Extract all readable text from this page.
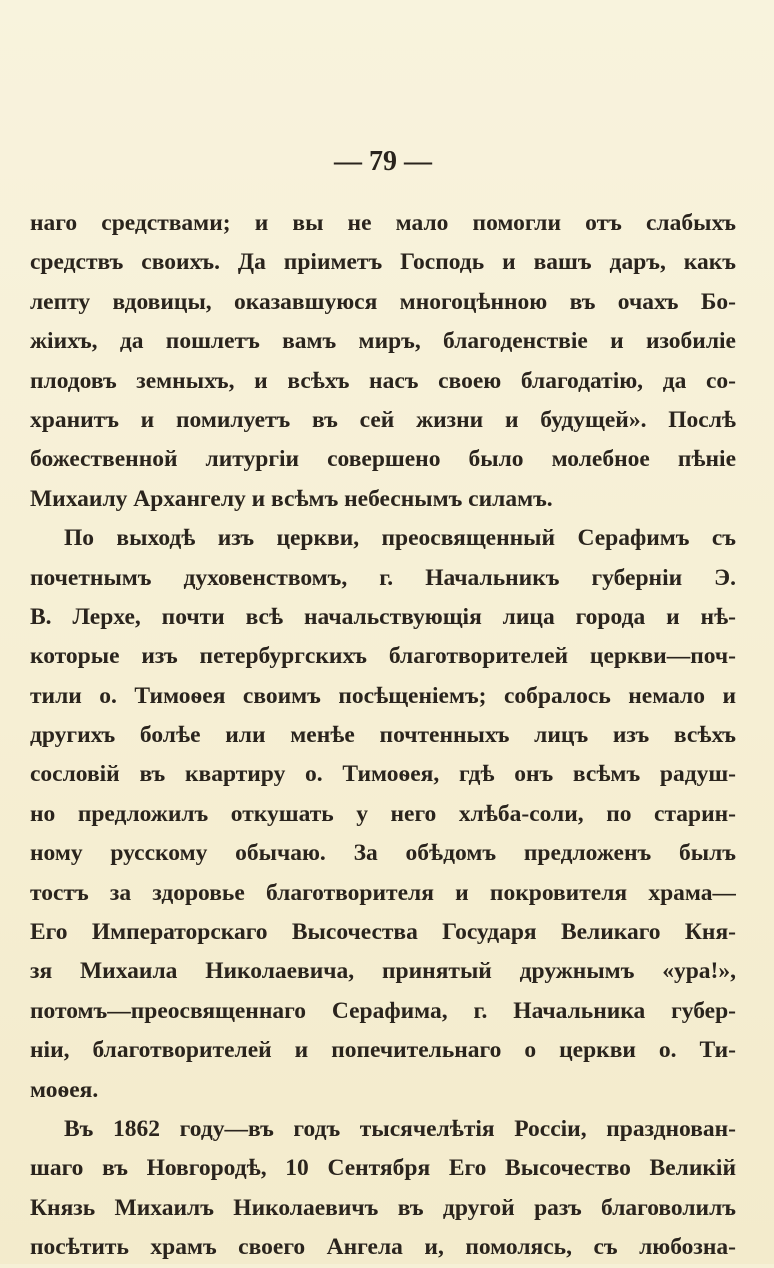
— 79 —
наго средствами; и вы не мало помогли отъ слабыхъ
средствъ своихъ. Да пріиметъ Господь и вашъ даръ, какъ
лепту вдовицы, оказавшуюся многоцѣнною въ очахъ Бо-
жіихъ, да пошлетъ вамъ миръ, благоденствіе и изобиліе
плодовъ земныхъ, и всѣхъ насъ своею благодатію, да со-
хранитъ и помилуетъ въ сей жизни и будущей». Послѣ
божественной литургіи совершено было молебное пѣніе
Михаилу Архангелу и всѣмъ небеснымъ силамъ.
По выходѣ изъ церкви, преосвященный Серафимъ съ
почетнымъ духовенствомъ, г. Начальникъ губерніи Э.
В. Лерхе, почти всѣ начальствующія лица города и нѣ-
которые изъ петербургскихъ благотворителей церкви—поч-
тили о. Тимоѳея своимъ посѣщеніемъ; собралось немало и
другихъ болѣе или менѣе почтенныхъ лицъ изъ всѣхъ
сословій въ квартиру о. Тимоѳея, гдѣ онъ всѣмъ радуш-
но предложилъ откушать у него хлѣба-соли, по старин-
ному русскому обычаю. За обѣдомъ предложенъ былъ
тостъ за здоровье благотворителя и покровителя храма—
Его Императорскаго Высочества Государя Великаго Кня-
зя Михаила Николаевича, принятый дружнымъ «ура!»,
потомъ—преосвященнаго Серафима, г. Начальника губер-
ніи, благотворителей и попечительнаго о церкви о. Ти-
моѳея.
Въ 1862 году—въ годъ тысячелѣтія Россіи, празднован-
шаго въ Новгородѣ, 10 Сентября Его Высочество Великій
Князь Михаилъ Николаевичъ въ другой разъ благоволилъ
посѣтить храмъ своего Ангела и, помолясь, съ любозна-
